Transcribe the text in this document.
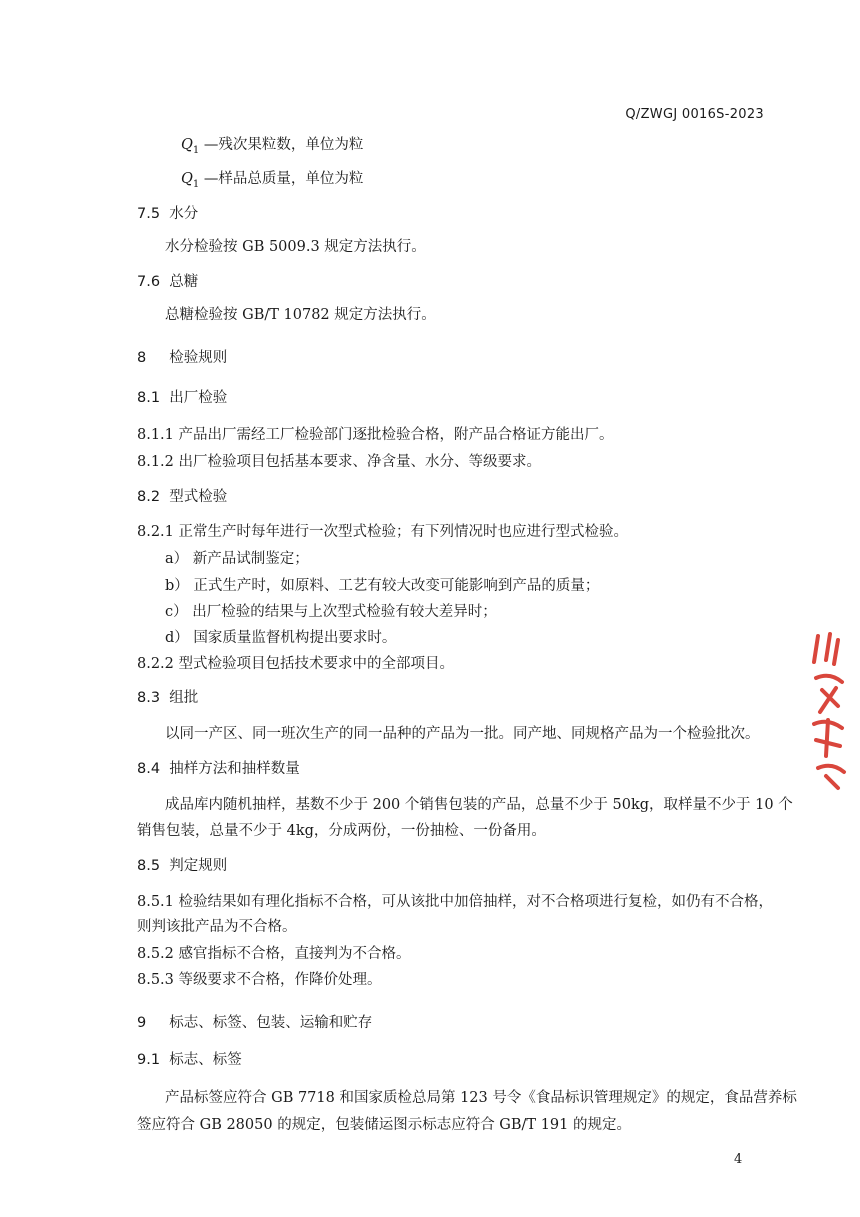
Q/ZWGJ 0016S-2023
$Q_1$ —残次果粒数，单位为粒
$Q_1$ —样品总质量，单位为粒
7.5 水分
水分检验按 GB 5009.3 规定方法执行。
7.6 总糖
总糖检验按 GB/T 10782 规定方法执行。
8 检验规则
8.1 出厂检验
8.1.1 产品出厂需经工厂检验部门逐批检验合格，附产品合格证方能出厂。
8.1.2 出厂检验项目包括基本要求、净含量、水分、等级要求。
8.2 型式检验
8.2.1 正常生产时每年进行一次型式检验；有下列情况时也应进行型式检验。
a） 新产品试制鉴定；
b） 正式生产时，如原料、工艺有较大改变可能影响到产品的质量；
c） 出厂检验的结果与上次型式检验有较大差异时；
d） 国家质量监督机构提出要求时。
8.2.2 型式检验项目包括技术要求中的全部项目。
8.3 组批
以同一产区、同一班次生产的同一品种的产品为一批。同产地、同规格产品为一个检验批次。
8.4 抽样方法和抽样数量
成品库内随机抽样，基数不少于 200 个销售包装的产品，总量不少于 50kg，取样量不少于 10 个
销售包装，总量不少于 4kg，分成两份，一份抽检、一份备用。
8.5 判定规则
8.5.1 检验结果如有理化指标不合格，可从该批中加倍抽样，对不合格项进行复检，如仍有不合格，
则判该批产品为不合格。
8.5.2 感官指标不合格，直接判为不合格。
8.5.3 等级要求不合格，作降价处理。
9 标志、标签、包装、运输和贮存
9.1 标志、标签
产品标签应符合 GB 7718 和国家质检总局第 123 号令《食品标识管理规定》的规定，食品营养标
签应符合 GB 28050 的规定，包装储运图示标志应符合 GB/T 191 的规定。
4
